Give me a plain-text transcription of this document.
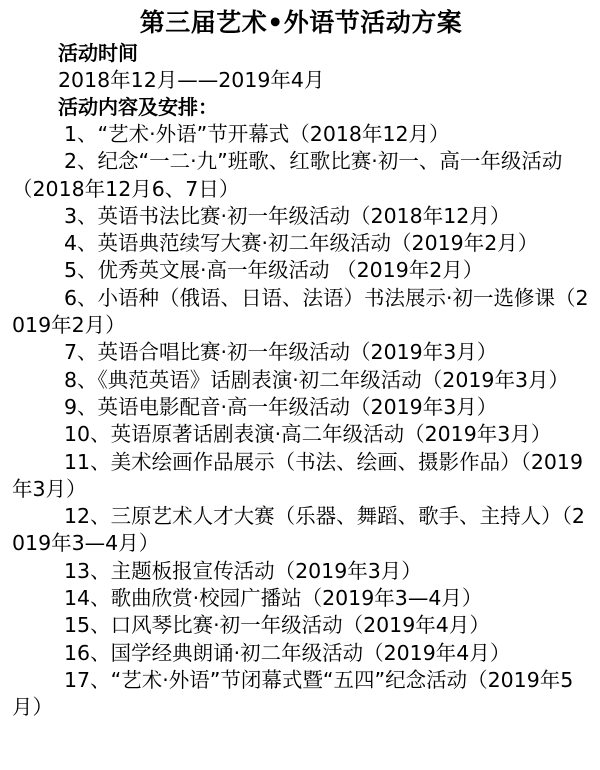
第三届艺术•外语节活动方案

活动时间

2018年12月——2019年4月

活动内容及安排：

1、“艺术·外语”节开幕式（2018年12月）
2、纪念“一二·九”班歌、红歌比赛·初一、高一年级活动（2018年12月6、7日）
3、英语书法比赛·初一年级活动（2018年12月）
4、英语典范续写大赛·初二年级活动（2019年2月）
5、优秀英文展·高一年级活动 （2019年2月）
6、小语种（俄语、日语、法语）书法展示·初一选修课（2019年2月）
7、英语合唱比赛·初一年级活动（2019年3月）
8、《典范英语》话剧表演·初二年级活动（2019年3月）
9、英语电影配音·高一年级活动（2019年3月）
10、英语原著话剧表演·高二年级活动（2019年3月）
11、美术绘画作品展示（书法、绘画、摄影作品）（2019年3月）
12、三原艺术人才大赛（乐器、舞蹈、歌手、主持人）（2019年3—4月）
13、主题板报宣传活动（2019年3月）
14、歌曲欣赏·校园广播站（2019年3—4月）
15、口风琴比赛·初一年级活动（2019年4月）
16、国学经典朗诵·初二年级活动（2019年4月）
17、“艺术·外语”节闭幕式暨“五四”纪念活动（2019年5月）
